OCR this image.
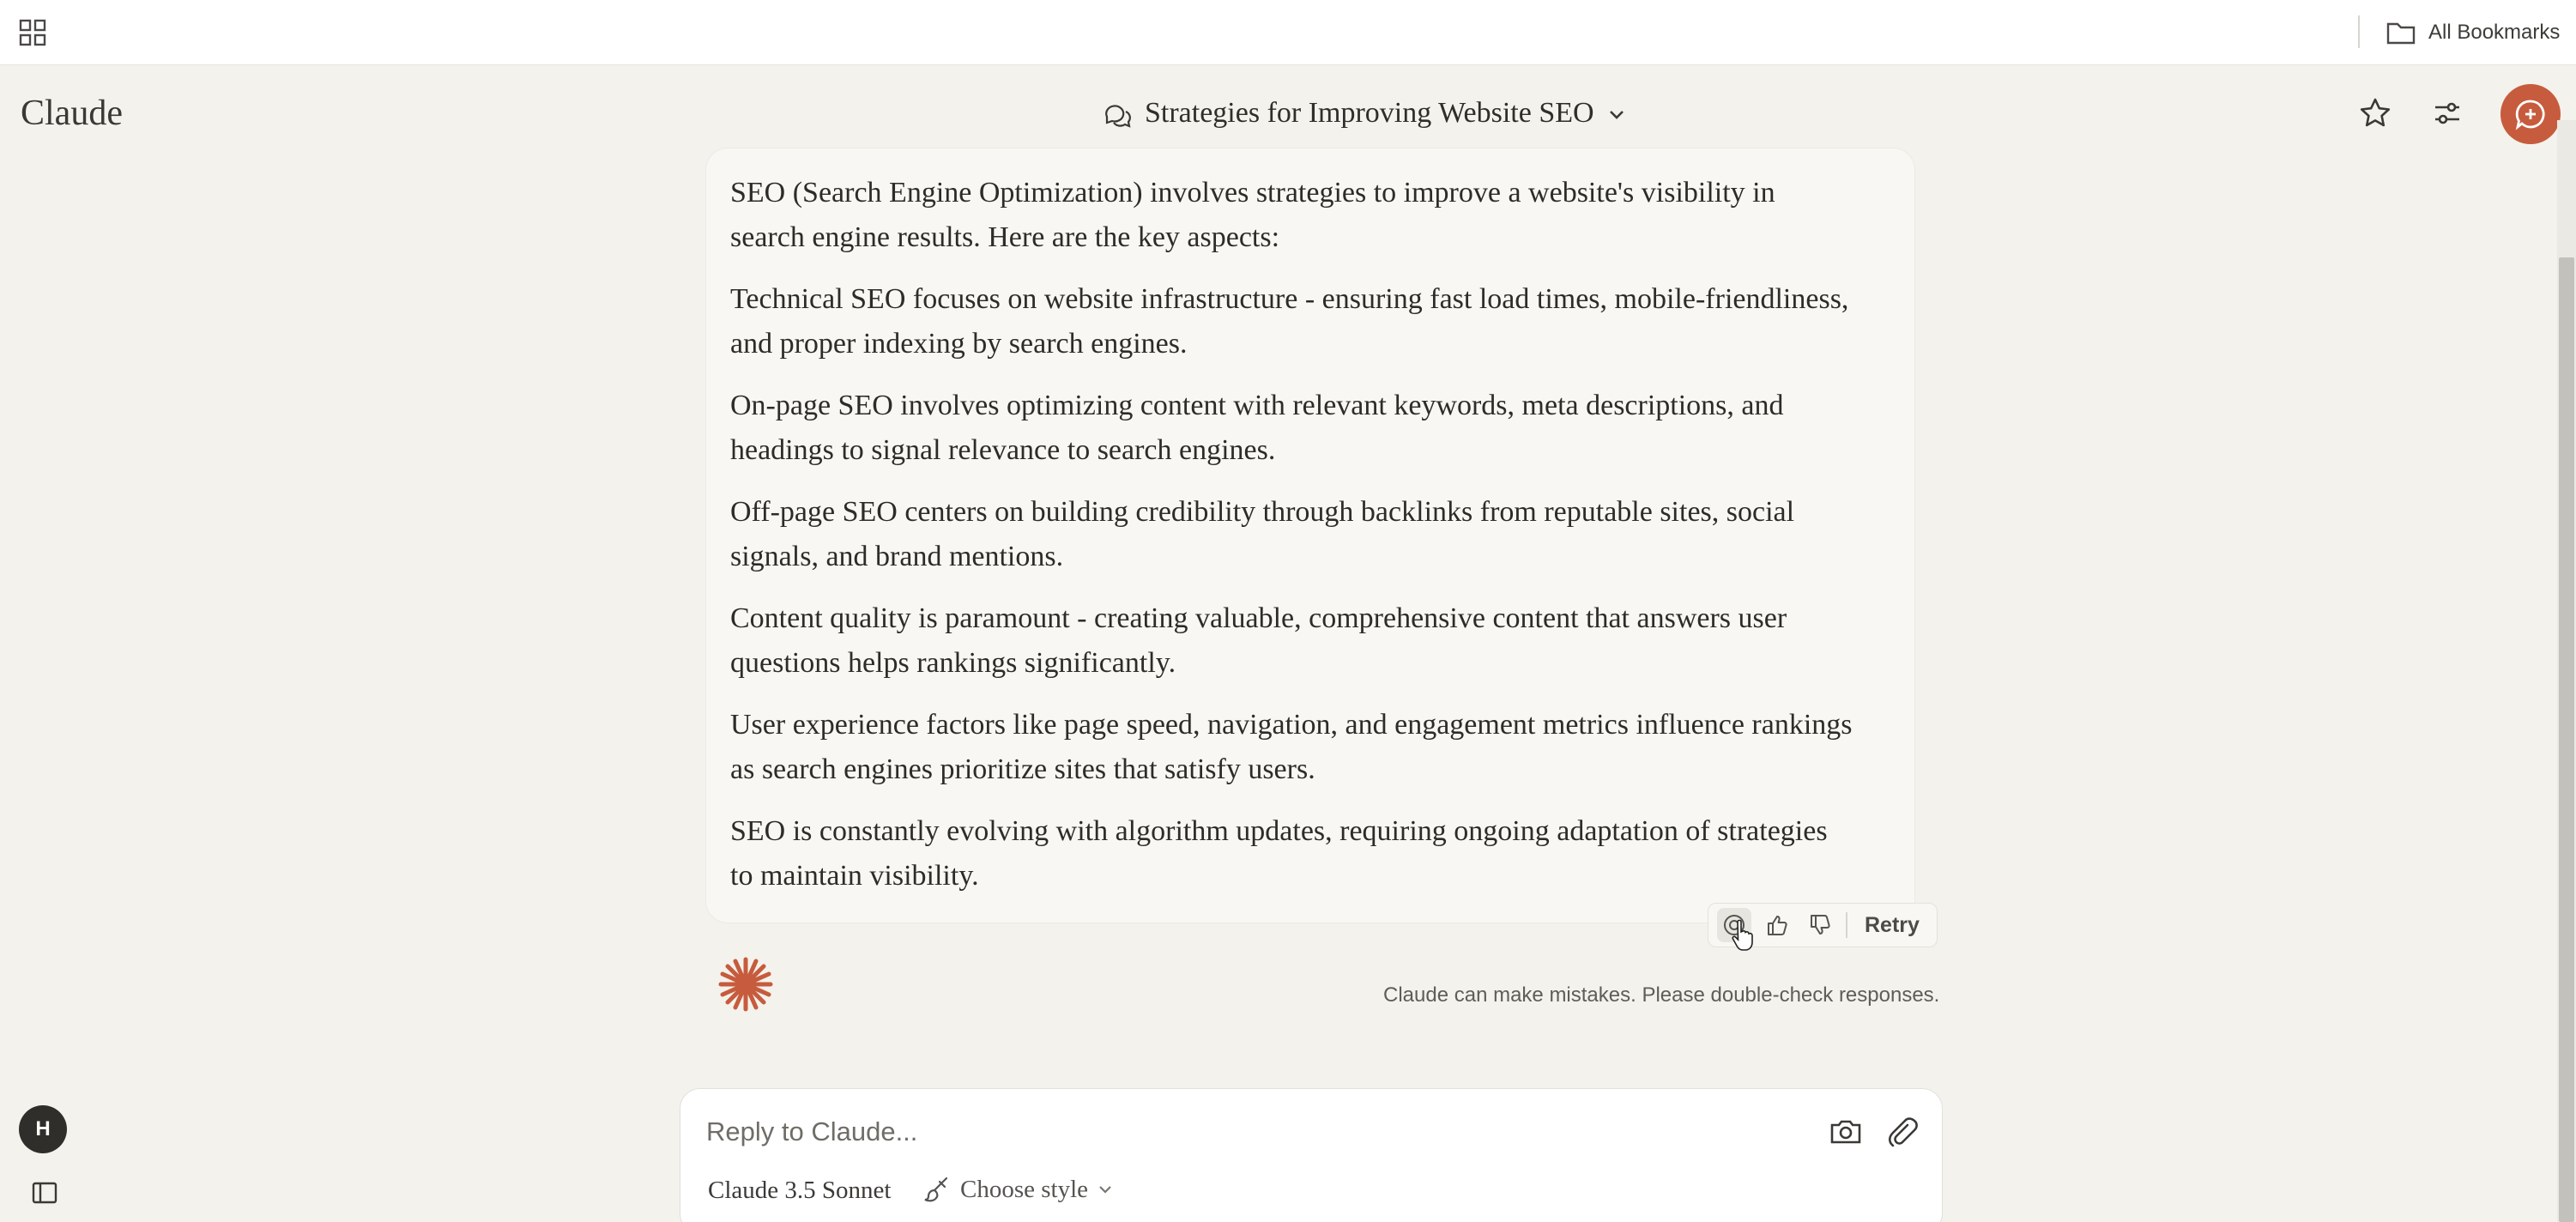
All Bookmarks
Claude	Strategies for Improving Website SEO

SEO (Search Engine Optimization) involves strategies to improve a website's visibility in search engine results. Here are the key aspects:

Technical SEO focuses on website infrastructure - ensuring fast load times, mobile-friendliness, and proper indexing by search engines.

On-page SEO involves optimizing content with relevant keywords, meta descriptions, and headings to signal relevance to search engines.

Off-page SEO centers on building credibility through backlinks from reputable sites, social signals, and brand mentions.

Content quality is paramount - creating valuable, comprehensive content that answers user questions helps rankings significantly.

User experience factors like page speed, navigation, and engagement metrics influence rankings as search engines prioritize sites that satisfy users.

SEO is constantly evolving with algorithm updates, requiring ongoing adaptation of strategies to maintain visibility.

Retry
Claude can make mistakes. Please double-check responses.
Reply to Claude...
Claude 3.5 Sonnet	Choose style
H
